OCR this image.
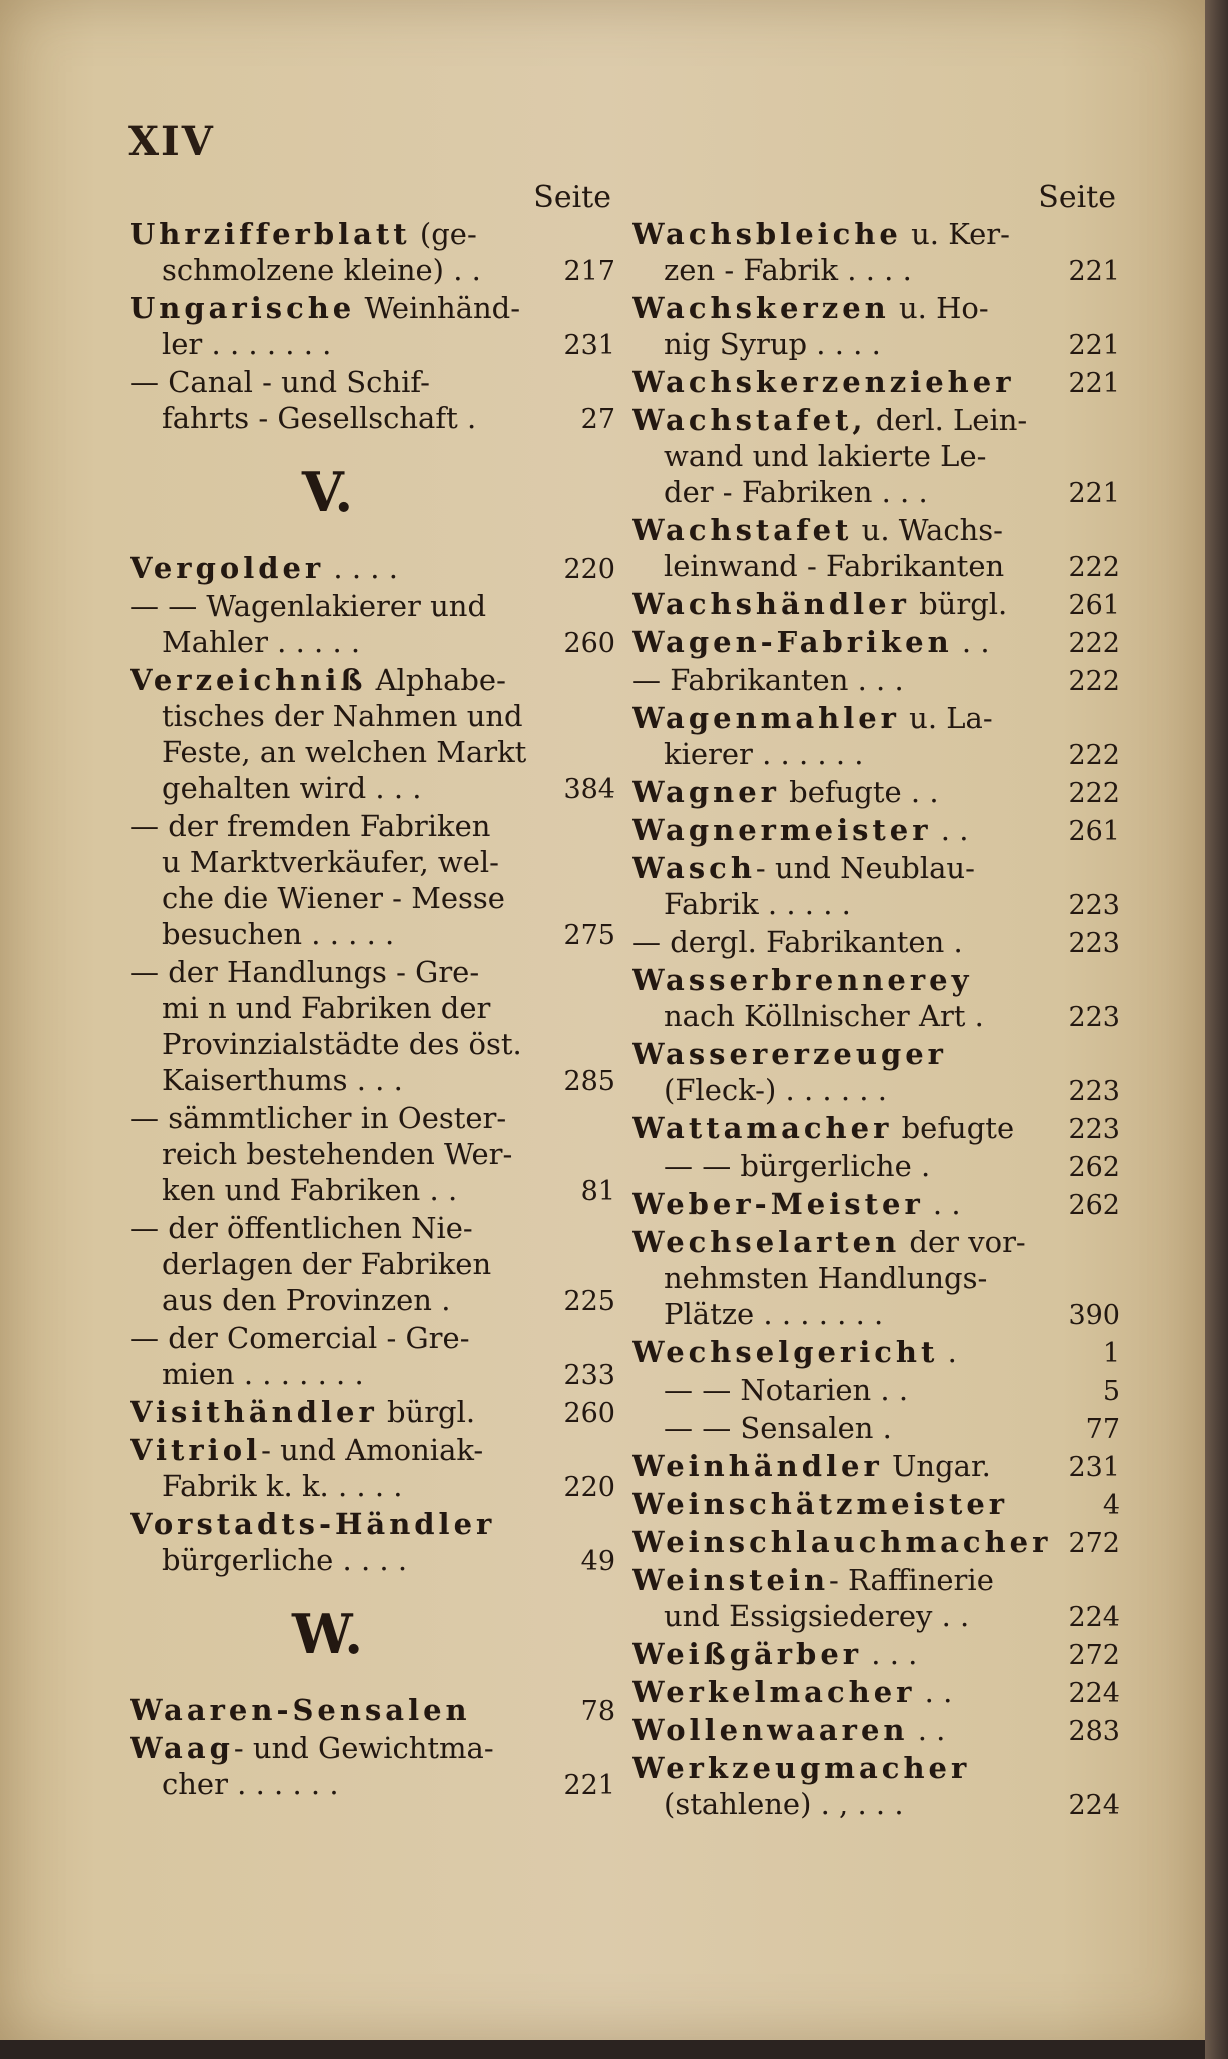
XIV
Seite
Uhrzifferblatt (ge-
schmolzene kleine) . .	217
Ungarische Weinhänd-
ler . . . . . . .	231
— Canal - und Schif-
fahrts - Gesellschaft .	27
V.
Vergolder . . . .	220
— — Wagenlakierer und
Mahler . . . . .	260
Verzeichniß Alphabe-
tisches der Nahmen und
Feste, an welchen Markt
gehalten wird . . .	384
— der fremden Fabriken
u Marktverkäufer, wel-
che die Wiener - Messe
besuchen . . . . .	275
— der Handlungs - Gre-
mi n und Fabriken der
Provinzialstädte des öst.
Kaiserthums . . .	285
— sämmtlicher in Oester-
reich bestehenden Wer-
ken und Fabriken . .	81
— der öffentlichen Nie-
derlagen der Fabriken
aus den Provinzen .	225
— der Comercial - Gre-
mien . . . . . . .	233
Visithändler bürgl.	260
Vitriol- und Amoniak-
Fabrik k. k. . . . .	220
Vorstadts-Händler
bürgerliche . . . .	49
W.
Waaren-Sensalen	78
Waag- und Gewichtma-
cher . . . . . .	221
Seite
Wachsbleiche u. Ker-
zen - Fabrik . . . .	221
Wachskerzen u. Ho-
nig Syrup . . . .	221
Wachskerzenzieher	221
Wachstafet, derl. Lein-
wand und lakierte Le-
der - Fabriken . . .	221
Wachstafet u. Wachs-
leinwand - Fabrikanten	222
Wachshändler bürgl.	261
Wagen-Fabriken . .	222
— Fabrikanten . . .	222
Wagenmahler u. La-
kierer . . . . . .	222
Wagner befugte . .	222
Wagnermeister . .	261
Wasch- und Neublau-
Fabrik . . . . .	223
— dergl. Fabrikanten .	223
Wasserbrennerey
nach Köllnischer Art .	223
Wassererzeuger
(Fleck-) . . . . . .	223
Wattamacher befugte	223
— — bürgerliche .	262
Weber-Meister . .	262
Wechselarten der vor-
nehmsten Handlungs-
Plätze . . . . . . .	390
Wechselgericht .	1
— — Notarien . .	5
— — Sensalen .	77
Weinhändler Ungar.	231
Weinschätzmeister	4
Weinschlauchmacher 272
Weinstein- Raffinerie
und Essigsiederey . .	224
Weißgärber . . .	272
Werkelmacher . .	224
Wollenwaaren . .	283
Werkzeugmacher
(stahlene) . , . . .	224
